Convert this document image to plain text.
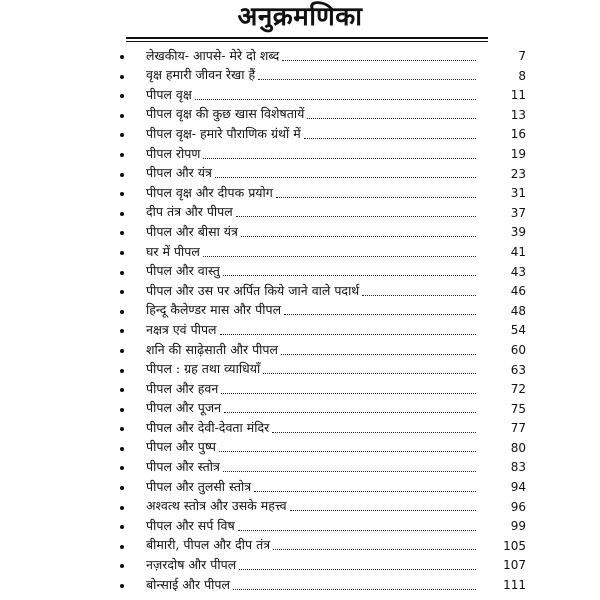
अनुक्रमणिका
लेखकीय- आपसे- मेरे दो शब्द	7
वृक्ष हमारी जीवन रेखा हैं	8
पीपल वृक्ष	11
पीपल वृक्ष की कुछ खास विशेषतायें	13
पीपल वृक्ष- हमारे पौराणिक ग्रंथों में	16
पीपल रोपण	19
पीपल और यंत्र	23
पीपल वृक्ष और दीपक प्रयोग	31
दीप तंत्र और पीपल	37
पीपल और बीसा यंत्र	39
घर में पीपल	41
पीपल और वास्तु	43
पीपल और उस पर अर्पित किये जाने वाले पदार्थ	46
हिन्दू कैलेण्डर मास और पीपल	48
नक्षत्र एवं पीपल	54
शनि की साढ़ेसाती और पीपल	60
पीपल : ग्रह तथा व्याधियाँ	63
पीपल और हवन	72
पीपल और पूजन	75
पीपल और देवी-देवता मंदिर	77
पीपल और पुष्प	80
पीपल और स्तोत्र	83
पीपल और तुलसी स्तोत्र	94
अश्वत्थ स्तोत्र और उसके महत्त्व	96
पीपल और सर्प विष	99
बीमारी, पीपल और दीप तंत्र	105
नज़रदोष और पीपल	107
बोन्साई और पीपल	111
